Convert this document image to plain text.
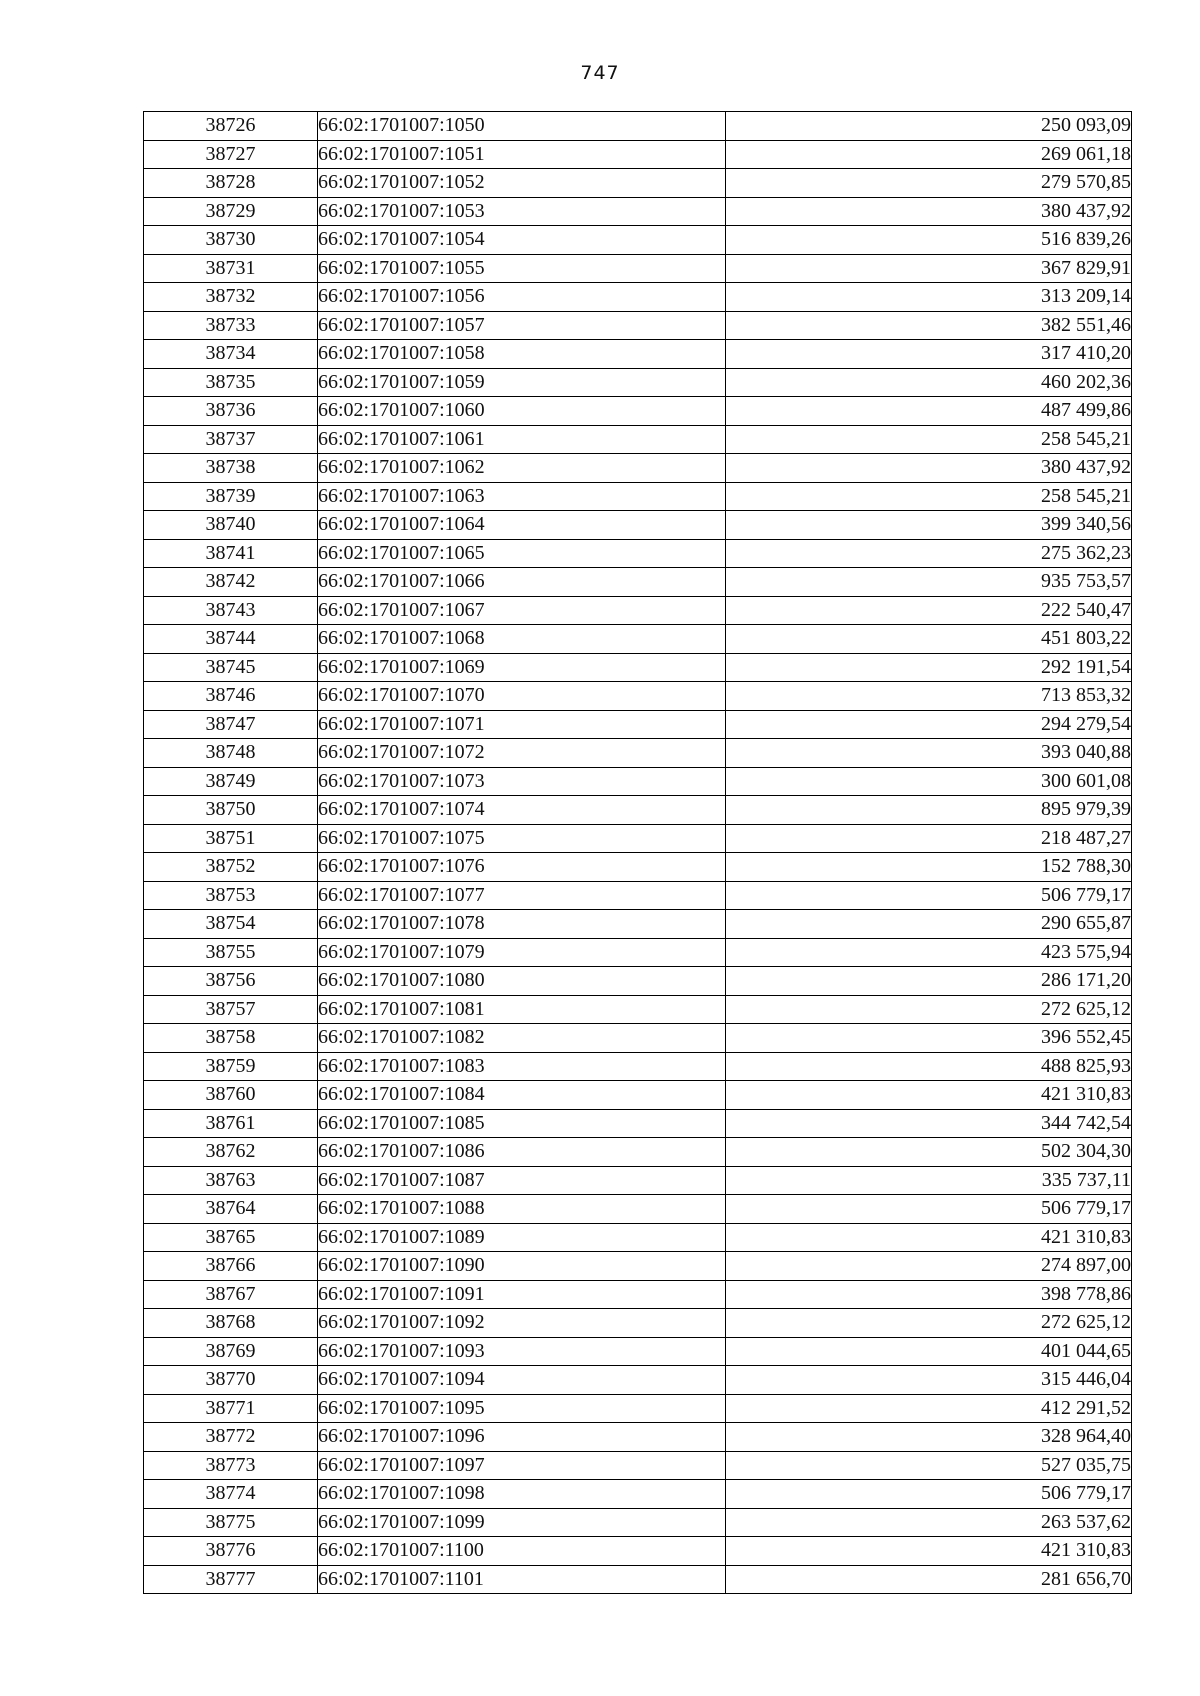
747
38726	66:02:1701007:1050	250 093,09
38727	66:02:1701007:1051	269 061,18
38728	66:02:1701007:1052	279 570,85
38729	66:02:1701007:1053	380 437,92
38730	66:02:1701007:1054	516 839,26
38731	66:02:1701007:1055	367 829,91
38732	66:02:1701007:1056	313 209,14
38733	66:02:1701007:1057	382 551,46
38734	66:02:1701007:1058	317 410,20
38735	66:02:1701007:1059	460 202,36
38736	66:02:1701007:1060	487 499,86
38737	66:02:1701007:1061	258 545,21
38738	66:02:1701007:1062	380 437,92
38739	66:02:1701007:1063	258 545,21
38740	66:02:1701007:1064	399 340,56
38741	66:02:1701007:1065	275 362,23
38742	66:02:1701007:1066	935 753,57
38743	66:02:1701007:1067	222 540,47
38744	66:02:1701007:1068	451 803,22
38745	66:02:1701007:1069	292 191,54
38746	66:02:1701007:1070	713 853,32
38747	66:02:1701007:1071	294 279,54
38748	66:02:1701007:1072	393 040,88
38749	66:02:1701007:1073	300 601,08
38750	66:02:1701007:1074	895 979,39
38751	66:02:1701007:1075	218 487,27
38752	66:02:1701007:1076	152 788,30
38753	66:02:1701007:1077	506 779,17
38754	66:02:1701007:1078	290 655,87
38755	66:02:1701007:1079	423 575,94
38756	66:02:1701007:1080	286 171,20
38757	66:02:1701007:1081	272 625,12
38758	66:02:1701007:1082	396 552,45
38759	66:02:1701007:1083	488 825,93
38760	66:02:1701007:1084	421 310,83
38761	66:02:1701007:1085	344 742,54
38762	66:02:1701007:1086	502 304,30
38763	66:02:1701007:1087	335 737,11
38764	66:02:1701007:1088	506 779,17
38765	66:02:1701007:1089	421 310,83
38766	66:02:1701007:1090	274 897,00
38767	66:02:1701007:1091	398 778,86
38768	66:02:1701007:1092	272 625,12
38769	66:02:1701007:1093	401 044,65
38770	66:02:1701007:1094	315 446,04
38771	66:02:1701007:1095	412 291,52
38772	66:02:1701007:1096	328 964,40
38773	66:02:1701007:1097	527 035,75
38774	66:02:1701007:1098	506 779,17
38775	66:02:1701007:1099	263 537,62
38776	66:02:1701007:1100	421 310,83
38777	66:02:1701007:1101	281 656,70
